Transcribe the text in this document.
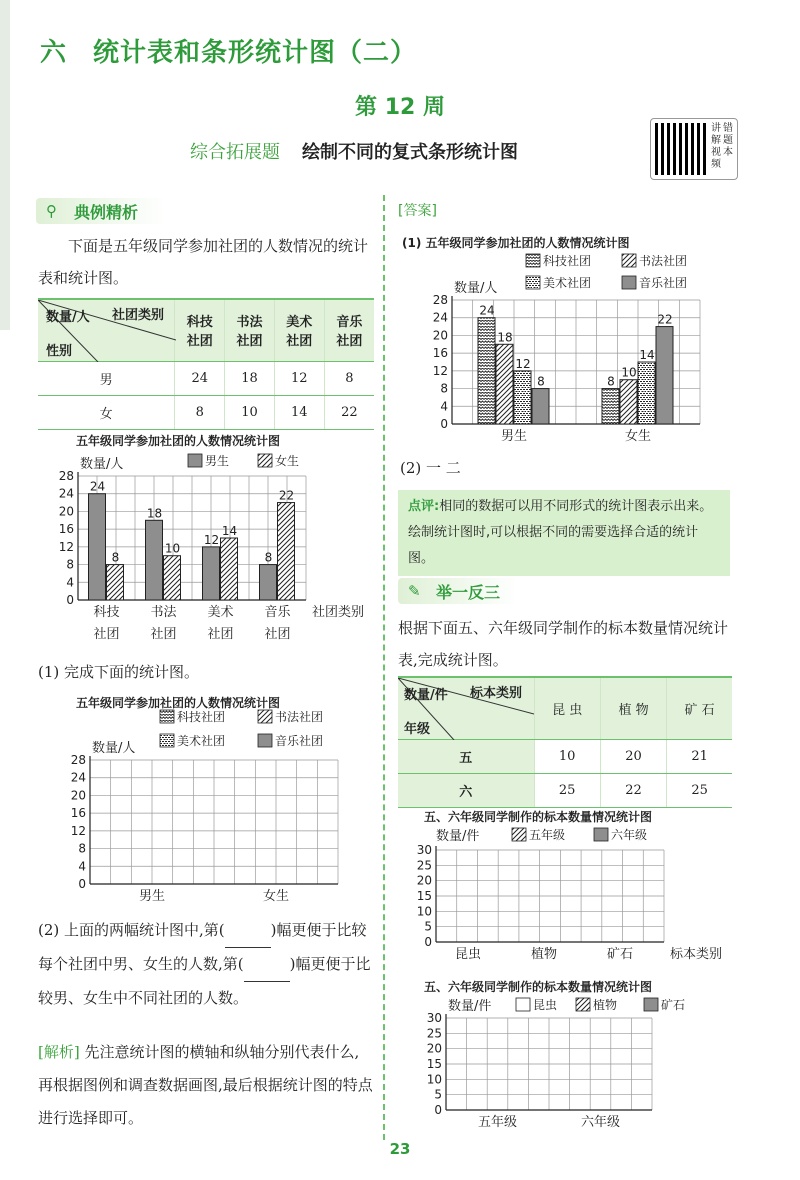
六 统计表和条形统计图（二）
第 12 周
综合拓展题 绘制不同的复式条形统计图
讲解视频
错题本
⚲	典例精析
下面是五年级同学参加社团的人数情况的统计表和统计图。
社团类别
数量/人
性别	科技社团	书法社团	美术社团	音乐社团
男	24	18	12	8
女	8	10	14	22
五年级同学参加社团的人数情况统计图
0
4
8
12
16
20
24
28
数量/人	男生	女生
科技
社团
书法
社团
美术
社团
音乐
社团
社团类别
24
8
18
10
12
14
8
22
(1) 完成下面的统计图。
五年级同学参加社团的人数情况统计图
0
4
8
12
16
20
24
28
数量/人
科技社团	书法社团
美术社团	音乐社团
男生	女生
(2) 上面的两幅统计图中,第(	)幅更便于比较每个社团中男、女生的人数,第(	)幅更便于比较男、女生中不同社团的人数。
[解析] 先注意统计图的横轴和纵轴分别代表什么,再根据图例和调查数据画图,最后根据统计图的特点进行选择即可。
[答案]
(1) 五年级同学参加社团的人数情况统计图
0
4
8
12
16
20
24
28
数量/人
科技社团	书法社团
美术社团	音乐社团
男生	女生
24
18
12
8	8
10
14
22
(2) 一 二
点评:相同的数据可以用不同形式的统计图表示出来。绘制统计图时,可以根据不同的需要选择合适的统计图。
✎ 举一反三
根据下面五、六年级同学制作的标本数量情况统计表,完成统计图。
标本类别
数量/件
年级	昆 虫	植 物	矿 石
五	10	20	21
六	25	22	25
五、六年级同学制作的标本数量情况统计图
0
5
10
15
20
25
30
数量/件	五年级	六年级
昆虫	植物	矿石	标本类别
五、六年级同学制作的标本数量情况统计图
0
5
10
15
20
25
30
数量/件	昆虫	植物	矿石
五年级	六年级
23
